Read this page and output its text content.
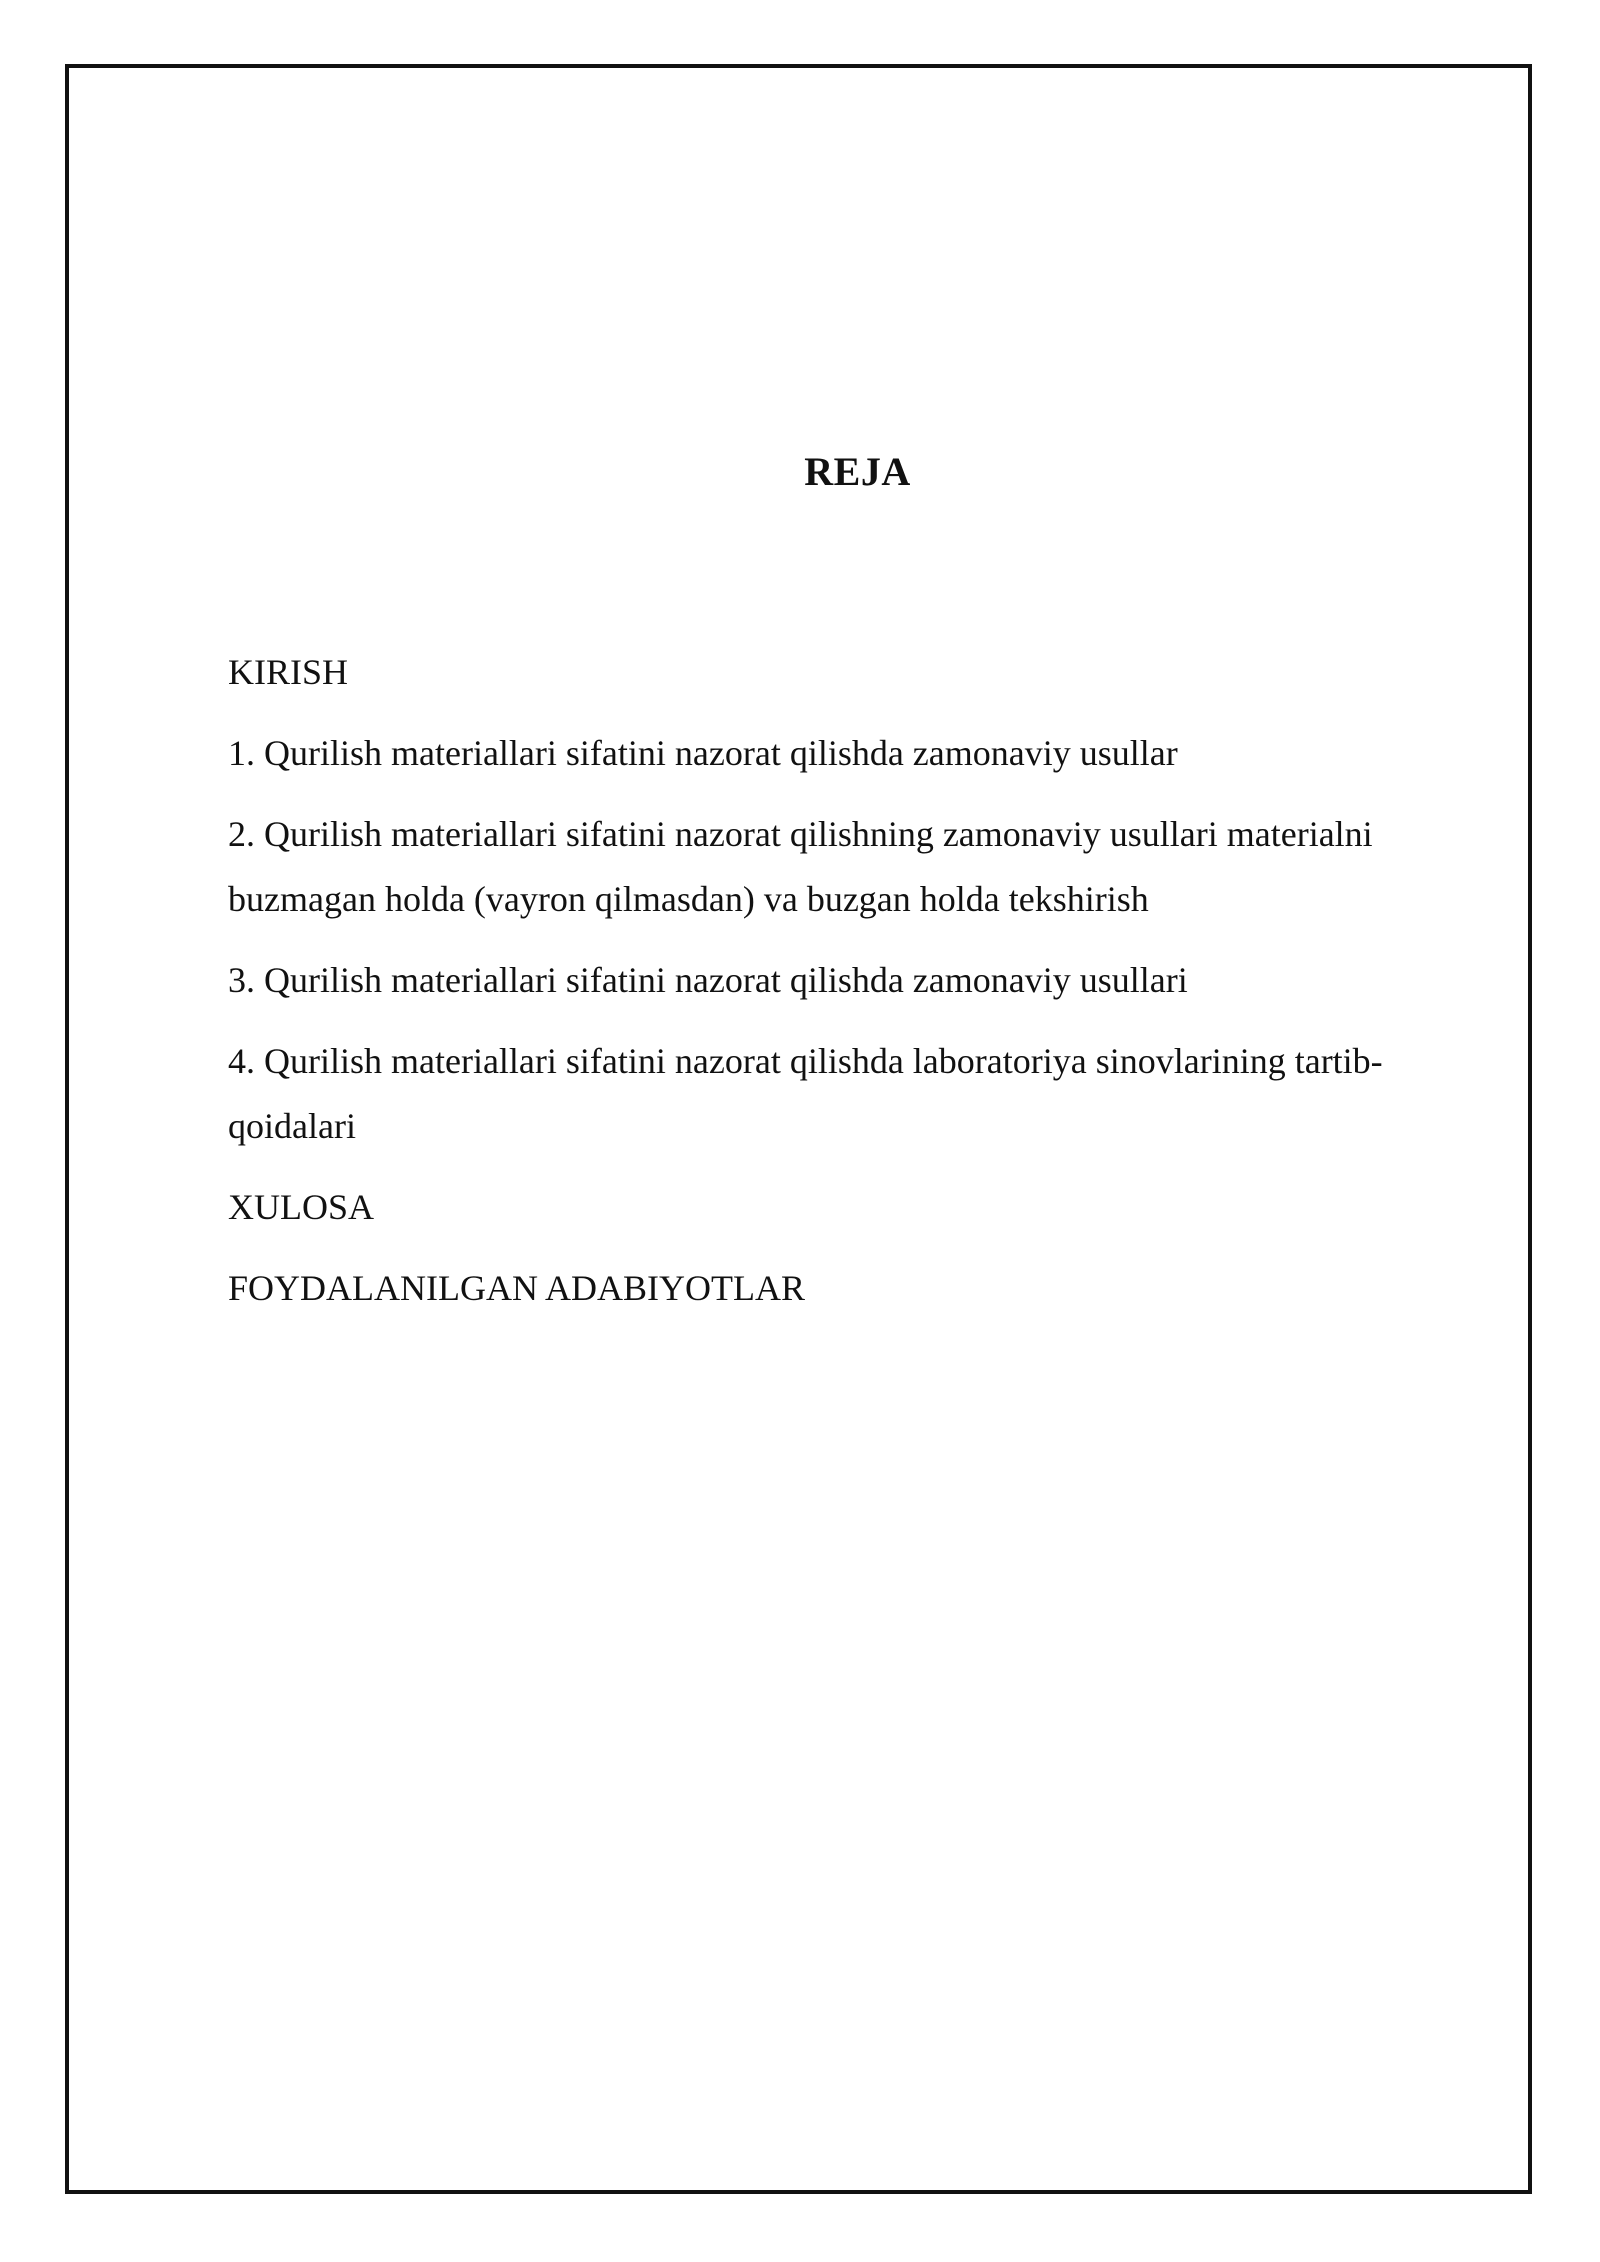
REJA
KIRISH
1. Qurilish materiallari sifatini nazorat qilishda zamonaviy usullar
2. Qurilish materiallari sifatini nazorat qilishning zamonaviy usullari materialni buzmagan holda (vayron qilmasdan) va buzgan holda tekshirish
3. Qurilish materiallari sifatini nazorat qilishda zamonaviy usullari
4. Qurilish materiallari sifatini nazorat qilishda laboratoriya sinovlarining tartib-qoidalari
XULOSA
FOYDALANILGAN ADABIYOTLAR
